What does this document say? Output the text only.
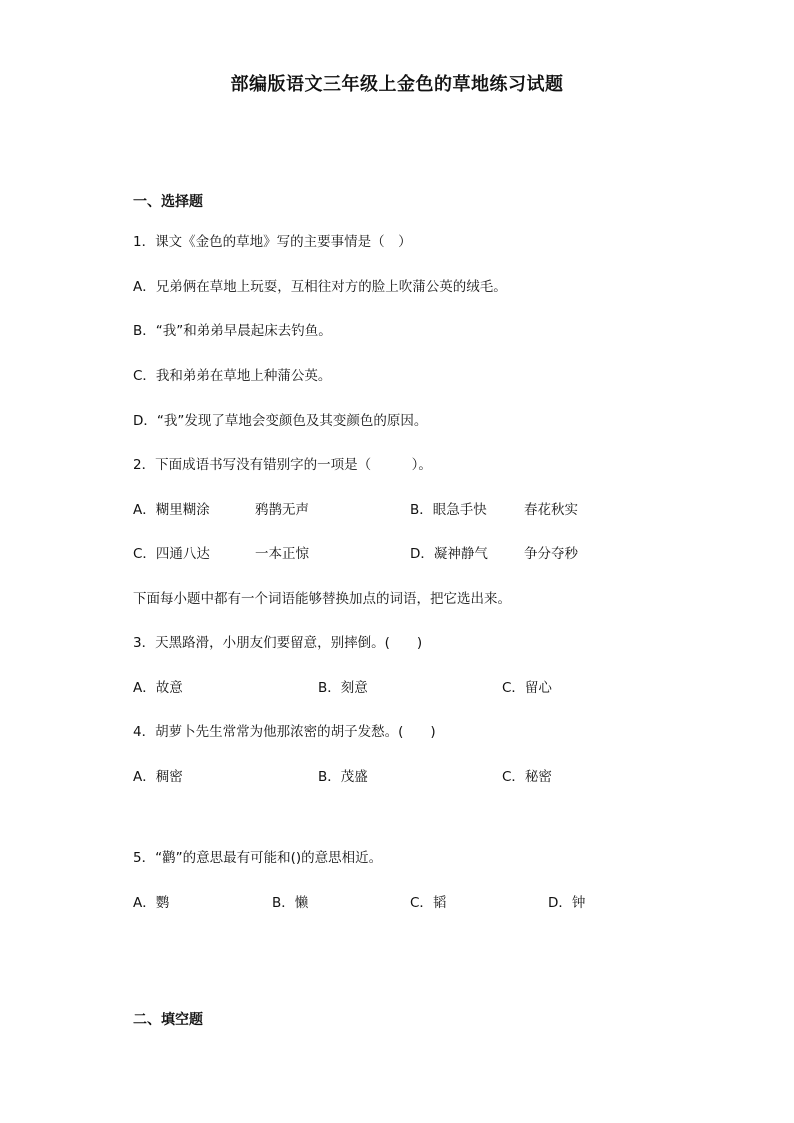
部编版语文三年级上金色的草地练习试题
一、选择题
1．课文《金色的草地》写的主要事情是（　）
A．兄弟俩在草地上玩耍，互相往对方的脸上吹蒲公英的绒毛。
B．“我”和弟弟早晨起床去钓鱼。
C．我和弟弟在草地上种蒲公英。
D．“我”发现了草地会变颜色及其变颜色的原因。
2．下面成语书写没有错别字的一项是（　　　）。
A．糊里糊涂	鸦鹊无声	B．眼急手快	春花秋实
C．四通八达	一本正惊	D．凝神静气	争分夺秒
下面每小题中都有一个词语能够替换加点的词语，把它选出来。
3．天黑路滑，小朋友们要留意，别摔倒。(　　)
A．故意	B．刻意	C．留心
4．胡萝卜先生常常为他那浓密的胡子发愁。(　　)
A．稠密	B．茂盛	C．秘密
5．“鹳”的意思最有可能和()的意思相近。
A．鹦	B．懒	C．韬	D．钟
二、填空题
